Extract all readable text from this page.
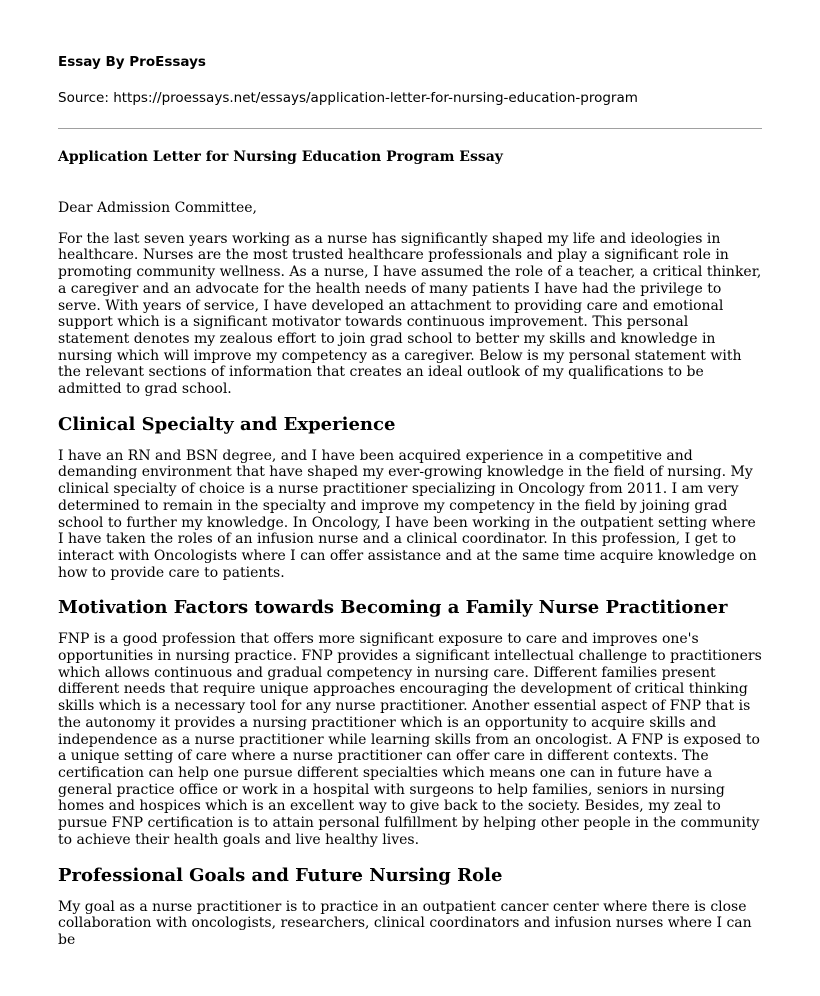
Essay By ProEssays
Source: https://proessays.net/essays/application-letter-for-nursing-education-program
Application Letter for Nursing Education Program Essay

Dear Admission Committee,

For the last seven years working as a nurse has significantly shaped my life and ideologies in healthcare. Nurses are the most trusted healthcare professionals and play a significant role in promoting community wellness. As a nurse, I have assumed the role of a teacher, a critical thinker, a caregiver and an advocate for the health needs of many patients I have had the privilege to serve. With years of service, I have developed an attachment to providing care and emotional support which is a significant motivator towards continuous improvement. This personal statement denotes my zealous effort to join grad school to better my skills and knowledge in nursing which will improve my competency as a caregiver. Below is my personal statement with the relevant sections of information that creates an ideal outlook of my qualifications to be admitted to grad school.

Clinical Specialty and Experience

I have an RN and BSN degree, and I have been acquired experience in a competitive and demanding environment that have shaped my ever-growing knowledge in the field of nursing. My clinical specialty of choice is a nurse practitioner specializing in Oncology from 2011. I am very determined to remain in the specialty and improve my competency in the field by joining grad school to further my knowledge. In Oncology, I have been working in the outpatient setting where I have taken the roles of an infusion nurse and a clinical coordinator. In this profession, I get to interact with Oncologists where I can offer assistance and at the same time acquire knowledge on how to provide care to patients.

Motivation Factors towards Becoming a Family Nurse Practitioner

FNP is a good profession that offers more significant exposure to care and improves one's opportunities in nursing practice. FNP provides a significant intellectual challenge to practitioners which allows continuous and gradual competency in nursing care. Different families present different needs that require unique approaches encouraging the development of critical thinking skills which is a necessary tool for any nurse practitioner. Another essential aspect of FNP that is the autonomy it provides a nursing practitioner which is an opportunity to acquire skills and independence as a nurse practitioner while learning skills from an oncologist. A FNP is exposed to a unique setting of care where a nurse practitioner can offer care in different contexts. The certification can help one pursue different specialties which means one can in future have a general practice office or work in a hospital with surgeons to help families, seniors in nursing homes and hospices which is an excellent way to give back to the society. Besides, my zeal to pursue FNP certification is to attain personal fulfillment by helping other people in the community to achieve their health goals and live healthy lives.

Professional Goals and Future Nursing Role

My goal as a nurse practitioner is to practice in an outpatient cancer center where there is close collaboration with oncologists, researchers, clinical coordinators and infusion nurses where I can be
